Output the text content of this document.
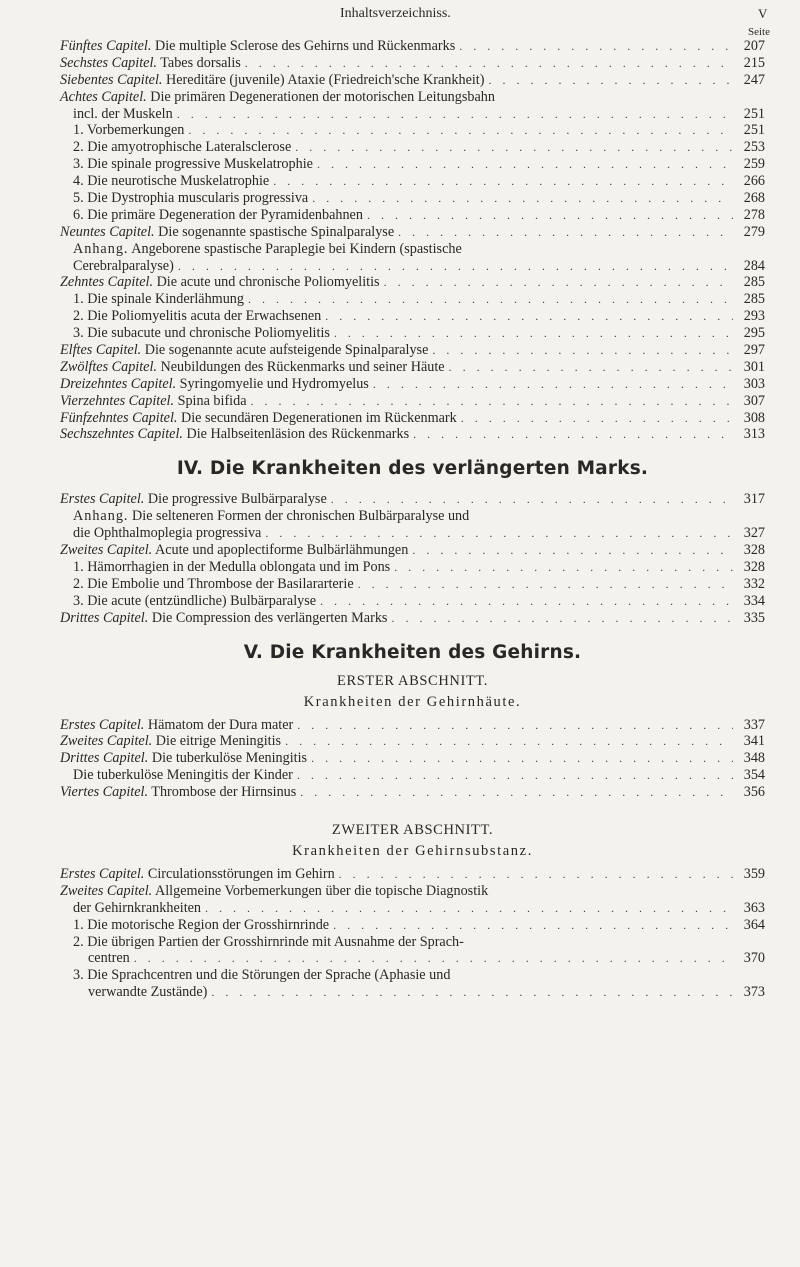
Inhaltsverzeichniss.	V
Seite
Fünftes Capitel. Die multiple Sclerose des Gehirns und Rückenmarks . . .	207
Sechstes Capitel. Tabes dorsalis . . .	215
Siebentes Capitel. Hereditäre (juvenile) Ataxie (Friedreich'sche Krankheit) . . .	247
Achtes Capitel. Die primären Degenerationen der motorischen Leitungsbahn
incl. der Muskeln . . .	251
1. Vorbemerkungen . . .	251
2. Die amyotrophische Lateralsclerose . . .	253
3. Die spinale progressive Muskelatrophie . . .	259
4. Die neurotische Muskelatrophie . . .	266
5. Die Dystrophia muscularis progressiva . . .	268
6. Die primäre Degeneration der Pyramidenbahnen . . .	278
Neuntes Capitel. Die sogenannte spastische Spinalparalyse . . .	279
Anhang. Angeborene spastische Paraplegie bei Kindern (spastische
Cerebralparalyse) . . .	284
Zehntes Capitel. Die acute und chronische Poliomyelitis . . .	285
1. Die spinale Kinderlähmung . . .	285
2. Die Poliomyelitis acuta der Erwachsenen . . .	293
3. Die subacute und chronische Poliomyelitis . . .	295
Elftes Capitel. Die sogenannte acute aufsteigende Spinalparalyse . . .	297
Zwölftes Capitel. Neubildungen des Rückenmarks und seiner Häute . . .	301
Dreizehntes Capitel. Syringomyelie und Hydromyelus . . .	303
Vierzehntes Capitel. Spina bifida . . .	307
Fünfzehntes Capitel. Die secundären Degenerationen im Rückenmark . . .	308
Sechszehntes Capitel. Die Halbseitenläsion des Rückenmarks . . .	313
IV. Die Krankheiten des verlängerten Marks.
Erstes Capitel. Die progressive Bulbärparalyse . . .	317
Anhang. Die selteneren Formen der chronischen Bulbärparalyse und
die Ophthalmoplegia progressiva . . .	327
Zweites Capitel. Acute und apoplectiforme Bulbärlähmungen . . .	328
1. Hämorrhagien in der Medulla oblongata und im Pons . . .	328
2. Die Embolie und Thrombose der Basilararterie . . .	332
3. Die acute (entzündliche) Bulbärparalyse . . .	334
Drittes Capitel. Die Compression des verlängerten Marks . . .	335
V. Die Krankheiten des Gehirns.
ERSTER ABSCHNITT.
Krankheiten der Gehirnhäute.
Erstes Capitel. Hämatom der Dura mater . . .	337
Zweites Capitel. Die eitrige Meningitis . . .	341
Drittes Capitel. Die tuberkulöse Meningitis . . .	348
Die tuberkulöse Meningitis der Kinder . . .	354
Viertes Capitel. Thrombose der Hirnsinus . . .	356
ZWEITER ABSCHNITT.
Krankheiten der Gehirnsubstanz.
Erstes Capitel. Circulationsstörungen im Gehirn . . .	359
Zweites Capitel. Allgemeine Vorbemerkungen über die topische Diagnostik
der Gehirnkrankheiten . . .	363
1. Die motorische Region der Grosshirnrinde . . .	364
2. Die übrigen Partien der Grosshirnrinde mit Ausnahme der Sprach-
centren . . .	370
3. Die Sprachcentren und die Störungen der Sprache (Aphasie und
verwandte Zustände) . . .	373
